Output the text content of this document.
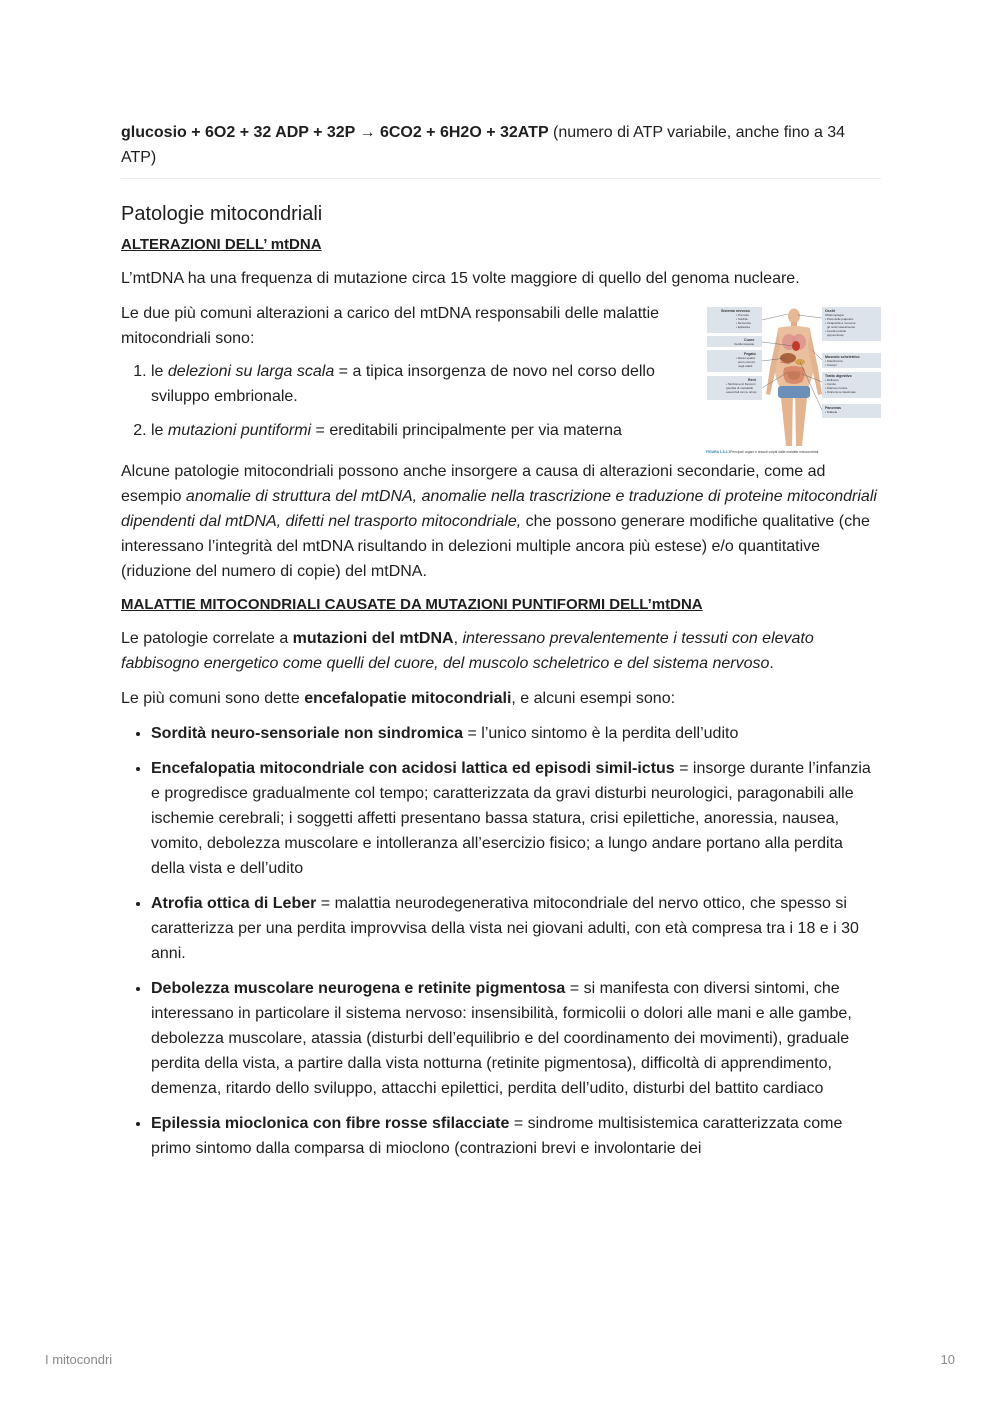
glucosio + 6O2 + 32 ADP + 32P → 6CO2 + 6H2O + 32ATP (numero di ATP variabile, anche fino a 34 ATP)

Patologie mitocondriali
ALTERAZIONI DELL’ mtDNA

L’mtDNA ha una frequenza di mutazione circa 15 volte maggiore di quello del genoma nucleare.

Le due più comuni alterazioni a carico del mtDNA responsabili delle malattie mitocondriali sono:

1. le delezioni su larga scala = a tipica insorgenza de novo nel corso dello sviluppo embrionale.
2. le mutazioni puntiformi = ereditabili principalmente per via materna
Sistema nervoso
• Tremore
• Sordità
• Demenza
• Epilessia
Cuore
Cardiomiopatie
Fegato
• Danni epatici
poco comuni
negli adulti
Reni
• Sindrome di Fanconi
(perdita di metaboliti
essenziali con le urine)
Occhi
Oftalmoplegia
• Ptosi delle palpebre
• Incapacità a muovere
gli occhi lateralmente
• Cecità (retinite
pigmentosa)
Muscolo scheletrico
• Stanchezza
• Crampi
Tratto digestivo
• Reflusso
• Vomito
• Diarrea cronica
• Ostruzione intestinale
Pancreas
• Diabete
FIGURA 1.5.2.1 Principali organi e tessuti colpiti dalle malattie mitocondriali.

Alcune patologie mitocondriali possono anche insorgere a causa di alterazioni secondarie, come ad esempio anomalie di struttura del mtDNA, anomalie nella trascrizione e traduzione di proteine mitocondriali dipendenti dal mtDNA, difetti nel trasporto mitocondriale, che possono generare modifiche qualitative (che interessano l’integrità del mtDNA risultando in delezioni multiple ancora più estese) e/o quantitative (riduzione del numero di copie) del mtDNA.

MALATTIE MITOCONDRIALI CAUSATE DA MUTAZIONI PUNTIFORMI DELL’mtDNA

Le patologie correlate a mutazioni del mtDNA, interessano prevalentemente i tessuti con elevato fabbisogno energetico come quelli del cuore, del muscolo scheletrico e del sistema nervoso.

Le più comuni sono dette encefalopatie mitocondriali, e alcuni esempi sono:

• Sordità neuro-sensoriale non sindromica = l’unico sintomo è la perdita dell’udito
• Encefalopatia mitocondriale con acidosi lattica ed episodi simil-ictus = insorge durante l’infanzia e progredisce gradualmente col tempo; caratterizzata da gravi disturbi neurologici, paragonabili alle ischemie cerebrali; i soggetti affetti presentano bassa statura, crisi epilettiche, anoressia, nausea, vomito, debolezza muscolare e intolleranza all’esercizio fisico; a lungo andare portano alla perdita della vista e dell’udito
• Atrofia ottica di Leber = malattia neurodegenerativa mitocondriale del nervo ottico, che spesso si caratterizza per una perdita improvvisa della vista nei giovani adulti, con età compresa tra i 18 e i 30 anni.
• Debolezza muscolare neurogena e retinite pigmentosa = si manifesta con diversi sintomi, che interessano in particolare il sistema nervoso: insensibilità, formicolii o dolori alle mani e alle gambe, debolezza muscolare, atassia (disturbi dell’equilibrio e del coordinamento dei movimenti), graduale perdita della vista, a partire dalla vista notturna (retinite pigmentosa), difficoltà di apprendimento, demenza, ritardo dello sviluppo, attacchi epilettici, perdita dell’udito, disturbi del battito cardiaco
• Epilessia mioclonica con fibre rosse sfilacciate = sindrome multisistemica caratterizzata come primo sintomo dalla comparsa di mioclono (contrazioni brevi e involontarie dei
I mitocondri	10
